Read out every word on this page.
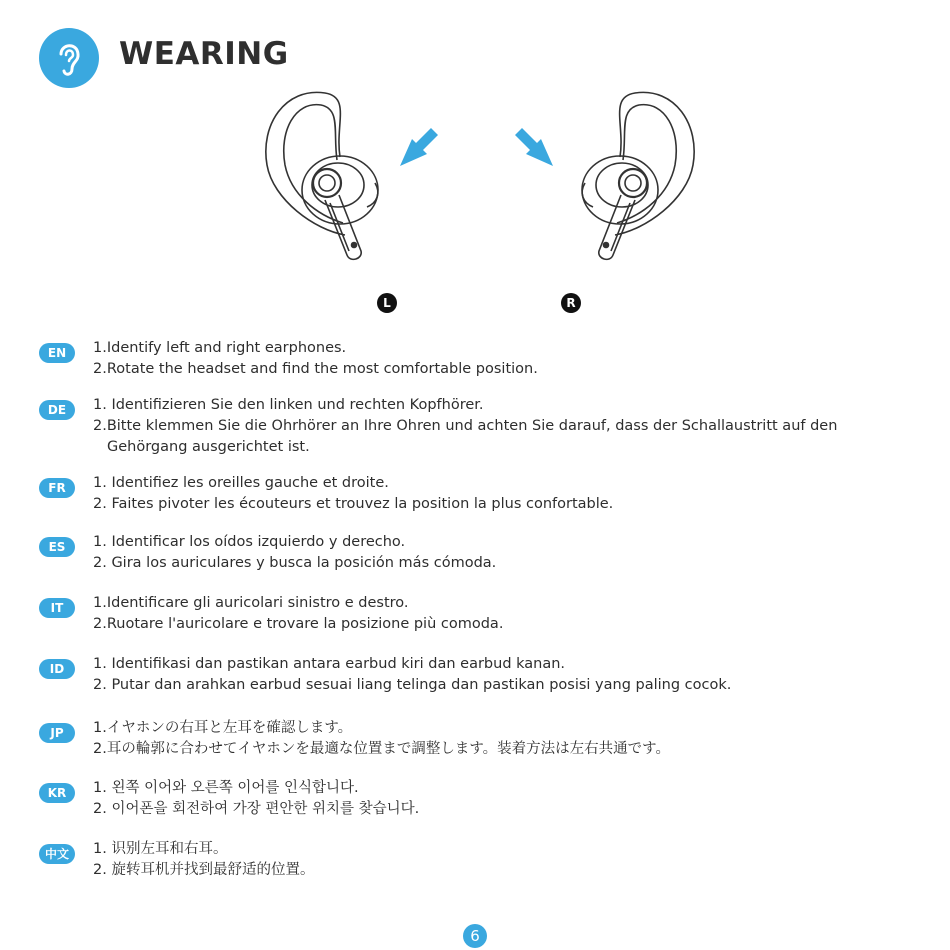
WEARING
L	R
EN	1.Identify left and right earphones.
2.Rotate the headset and find the most comfortable position.
DE	1. Identifizieren Sie den linken und rechten Kopfhörer.
2.Bitte klemmen Sie die Ohrhörer an Ihre Ohren und achten Sie darauf, dass der Schallaustritt auf den
Gehörgang ausgerichtet ist.
FR	1. Identifiez les oreilles gauche et droite.
2. Faites pivoter les écouteurs et trouvez la position la plus confortable.
ES	1. Identificar los oídos izquierdo y derecho.
2. Gira los auriculares y busca la posición más cómoda.
IT	1.Identificare gli auricolari sinistro e destro.
2.Ruotare l'auricolare e trovare la posizione più comoda.
ID	1. Identifikasi dan pastikan antara earbud kiri dan earbud kanan.
2. Putar dan arahkan earbud sesuai liang telinga dan pastikan posisi yang paling cocok.
JP	1.イヤホンの右耳と左耳を確認します。
2.耳の輪郭に合わせてイヤホンを最適な位置まで調整します。装着方法は左右共通です。
KR	1. 왼쪽 이어와 오른쪽 이어를 인식합니다.
2. 이어폰을 회전하여 가장 편안한 위치를 찾습니다.
中文	1. 识别左耳和右耳。
2. 旋转耳机并找到最舒适的位置。
6
